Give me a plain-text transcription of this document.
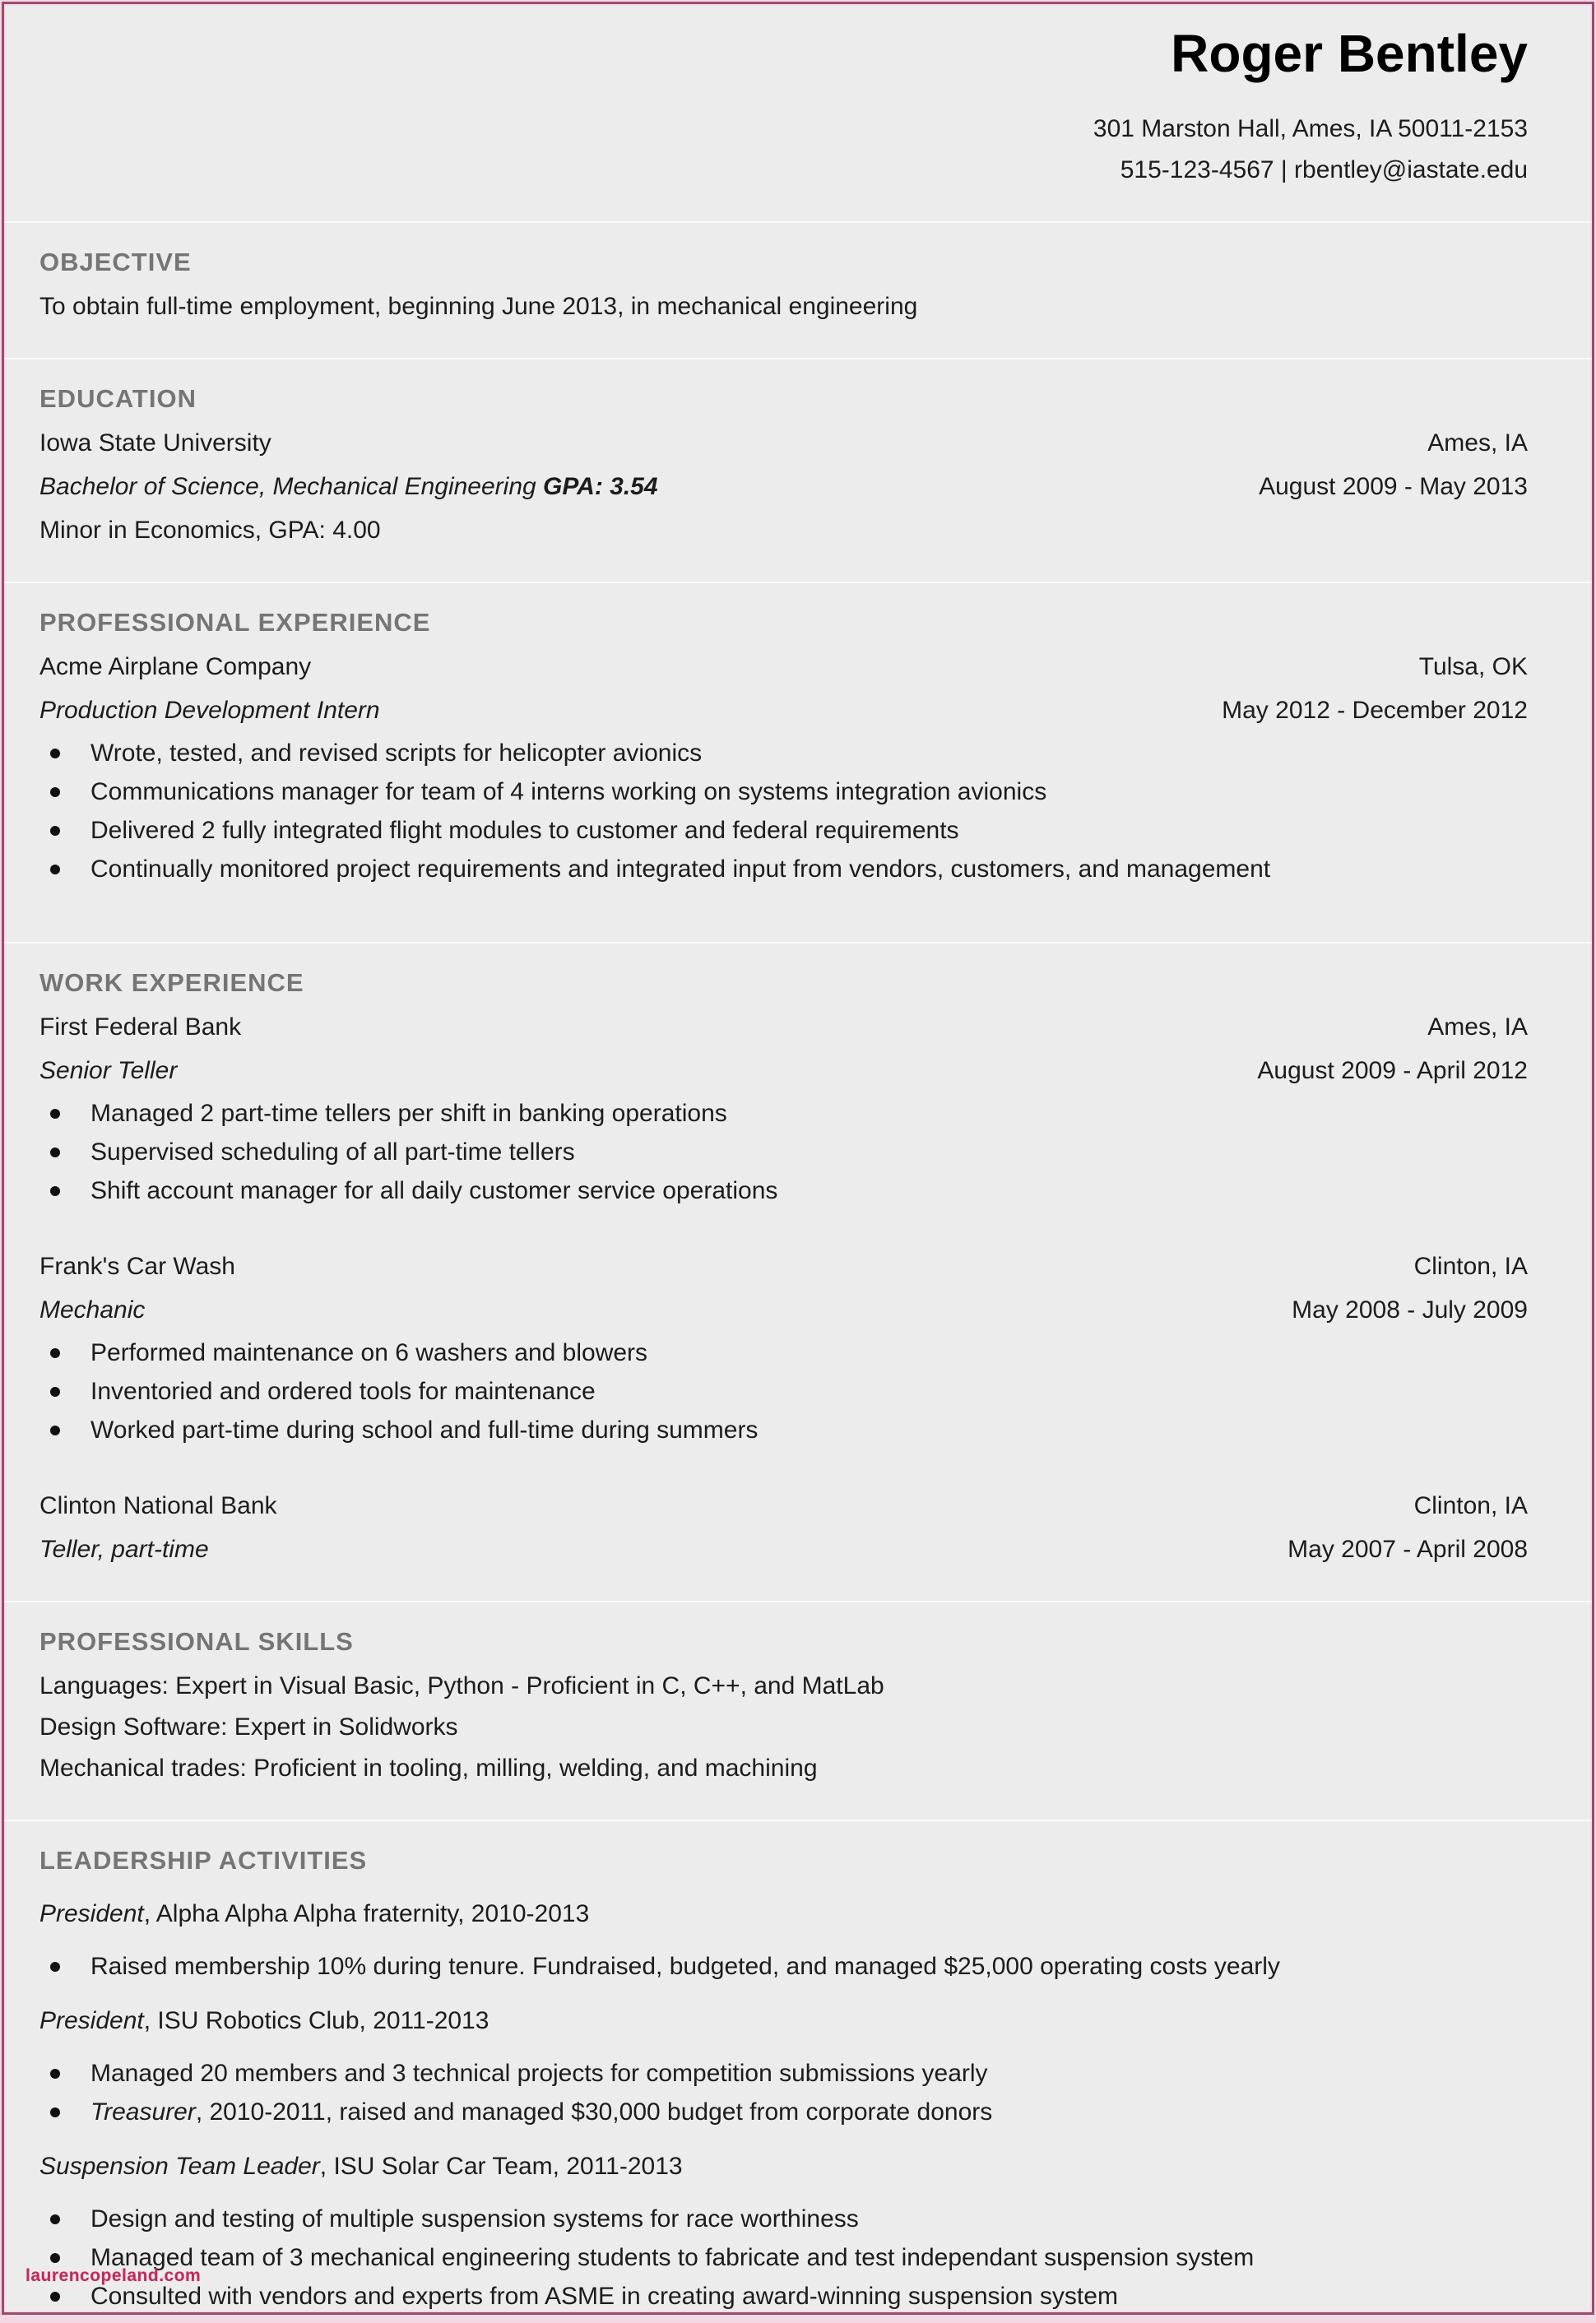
Roger Bentley
301 Marston Hall, Ames, IA 50011-2153
515-123-4567 | rbentley@iastate.edu
OBJECTIVE
To obtain full-time employment, beginning June 2013, in mechanical engineering
EDUCATION
Iowa State University	Ames, IA
Bachelor of Science, Mechanical Engineering GPA: 3.54	August 2009 - May 2013
Minor in Economics, GPA: 4.00
PROFESSIONAL EXPERIENCE
Acme Airplane Company	Tulsa, OK
Production Development Intern	May 2012 - December 2012
Wrote, tested, and revised scripts for helicopter avionics
Communications manager for team of 4 interns working on systems integration avionics
Delivered 2 fully integrated flight modules to customer and federal requirements
Continually monitored project requirements and integrated input from vendors, customers, and management
WORK EXPERIENCE
First Federal Bank	Ames, IA
Senior Teller	August 2009 - April 2012
Managed 2 part-time tellers per shift in banking operations
Supervised scheduling of all part-time tellers
Shift account manager for all daily customer service operations
Frank's Car Wash	Clinton, IA
Mechanic	May 2008 - July 2009
Performed maintenance on 6 washers and blowers
Inventoried and ordered tools for maintenance
Worked part-time during school and full-time during summers
Clinton National Bank	Clinton, IA
Teller, part-time	May 2007 - April 2008
PROFESSIONAL SKILLS
Languages: Expert in Visual Basic, Python - Proficient in C, C++, and MatLab
Design Software: Expert in Solidworks
Mechanical trades: Proficient in tooling, milling, welding, and machining
LEADERSHIP ACTIVITIES
President, Alpha Alpha Alpha fraternity, 2010-2013
Raised membership 10% during tenure. Fundraised, budgeted, and managed $25,000 operating costs yearly
President, ISU Robotics Club, 2011-2013
Managed 20 members and 3 technical projects for competition submissions yearly
Treasurer, 2010-2011, raised and managed $30,000 budget from corporate donors
Suspension Team Leader, ISU Solar Car Team, 2011-2013
Design and testing of multiple suspension systems for race worthiness
Managed team of 3 mechanical engineering students to fabricate and test independant suspension system
Consulted with vendors and experts from ASME in creating award-winning suspension system
laurencopeland.com
